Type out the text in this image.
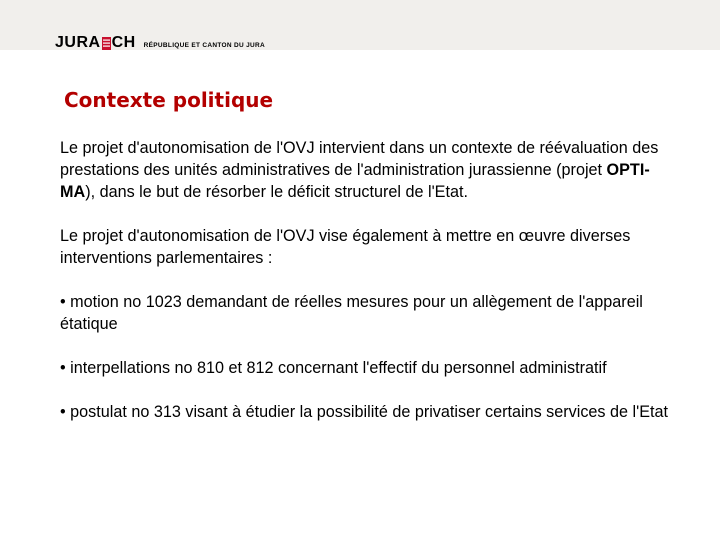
JURA CH RÉPUBLIQUE ET CANTON DU JURA
Contexte politique

Le projet d'autonomisation de l'OVJ intervient dans un contexte de réévaluation des prestations des unités administratives de l'administration jurassienne (projet OPTI-MA), dans le but de résorber le déficit structurel de l'Etat.

Le projet d'autonomisation de l'OVJ vise également à mettre en œuvre diverses interventions parlementaires :

• motion no 1023 demandant de réelles mesures pour un allègement de l'appareil étatique

• interpellations no 810 et 812 concernant l'effectif du personnel administratif

• postulat no 313 visant à étudier la possibilité de privatiser certains services de l'Etat
